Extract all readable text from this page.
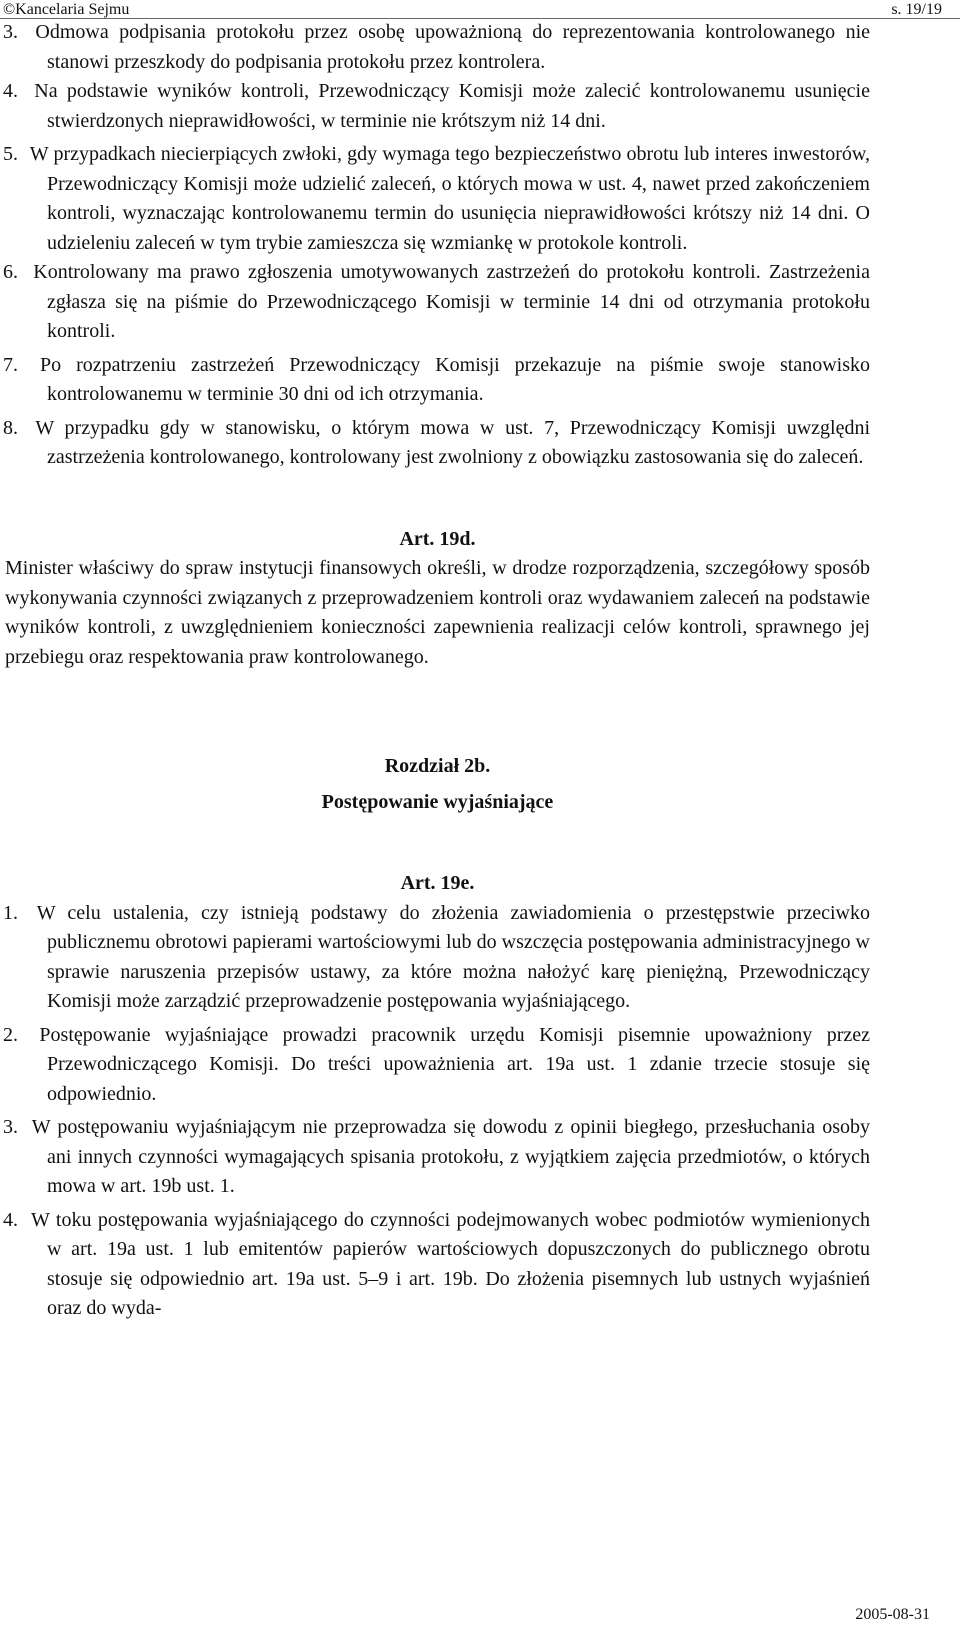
©Kancelaria Sejmu	s. 19/19

3. Odmowa podpisania protokołu przez osobę upoważnioną do reprezentowania kontrolowanego nie stanowi przeszkody do podpisania protokołu przez kontrolera.

4. Na podstawie wyników kontroli, Przewodniczący Komisji może zalecić kontrolowanemu usunięcie stwierdzonych nieprawidłowości, w terminie nie krótszym niż 14 dni.

5. W przypadkach niecierpiących zwłoki, gdy wymaga tego bezpieczeństwo obrotu lub interes inwestorów, Przewodniczący Komisji może udzielić zaleceń, o których mowa w ust. 4, nawet przed zakończeniem kontroli, wyznaczając kontrolowanemu termin do usunięcia nieprawidłowości krótszy niż 14 dni. O udzieleniu zaleceń w tym trybie zamieszcza się wzmiankę w protokole kontroli.

6. Kontrolowany ma prawo zgłoszenia umotywowanych zastrzeżeń do protokołu kontroli. Zastrzeżenia zgłasza się na piśmie do Przewodniczącego Komisji w terminie 14 dni od otrzymania protokołu kontroli.

7. Po rozpatrzeniu zastrzeżeń Przewodniczący Komisji przekazuje na piśmie swoje stanowisko kontrolowanemu w terminie 30 dni od ich otrzymania.

8. W przypadku gdy w stanowisku, o którym mowa w ust. 7, Przewodniczący Komisji uwzględni zastrzeżenia kontrolowanego, kontrolowany jest zwolniony z obowiązku zastosowania się do zaleceń.

Art. 19d.

Minister właściwy do spraw instytucji finansowych określi, w drodze rozporządzenia, szczegółowy sposób wykonywania czynności związanych z przeprowadzeniem kontroli oraz wydawaniem zaleceń na podstawie wyników kontroli, z uwzględnieniem konieczności zapewnienia realizacji celów kontroli, sprawnego jej przebiegu oraz respektowania praw kontrolowanego.

Rozdział 2b.

Postępowanie wyjaśniające

Art. 19e.

1. W celu ustalenia, czy istnieją podstawy do złożenia zawiadomienia o przestępstwie przeciwko publicznemu obrotowi papierami wartościowymi lub do wszczęcia postępowania administracyjnego w sprawie naruszenia przepisów ustawy, za które można nałożyć karę pieniężną, Przewodniczący Komisji może zarządzić przeprowadzenie postępowania wyjaśniającego.

2. Postępowanie wyjaśniające prowadzi pracownik urzędu Komisji pisemnie upoważniony przez Przewodniczącego Komisji. Do treści upoważnienia art. 19a ust. 1 zdanie trzecie stosuje się odpowiednio.

3. W postępowaniu wyjaśniającym nie przeprowadza się dowodu z opinii biegłego, przesłuchania osoby ani innych czynności wymagających spisania protokołu, z wyjątkiem zajęcia przedmiotów, o których mowa w art. 19b ust. 1.

4. W toku postępowania wyjaśniającego do czynności podejmowanych wobec podmiotów wymienionych w art. 19a ust. 1 lub emitentów papierów wartościowych dopuszczonych do publicznego obrotu stosuje się odpowiednio art. 19a ust. 5–9 i art. 19b. Do złożenia pisemnych lub ustnych wyjaśnień oraz do wyda-

2005-08-31
